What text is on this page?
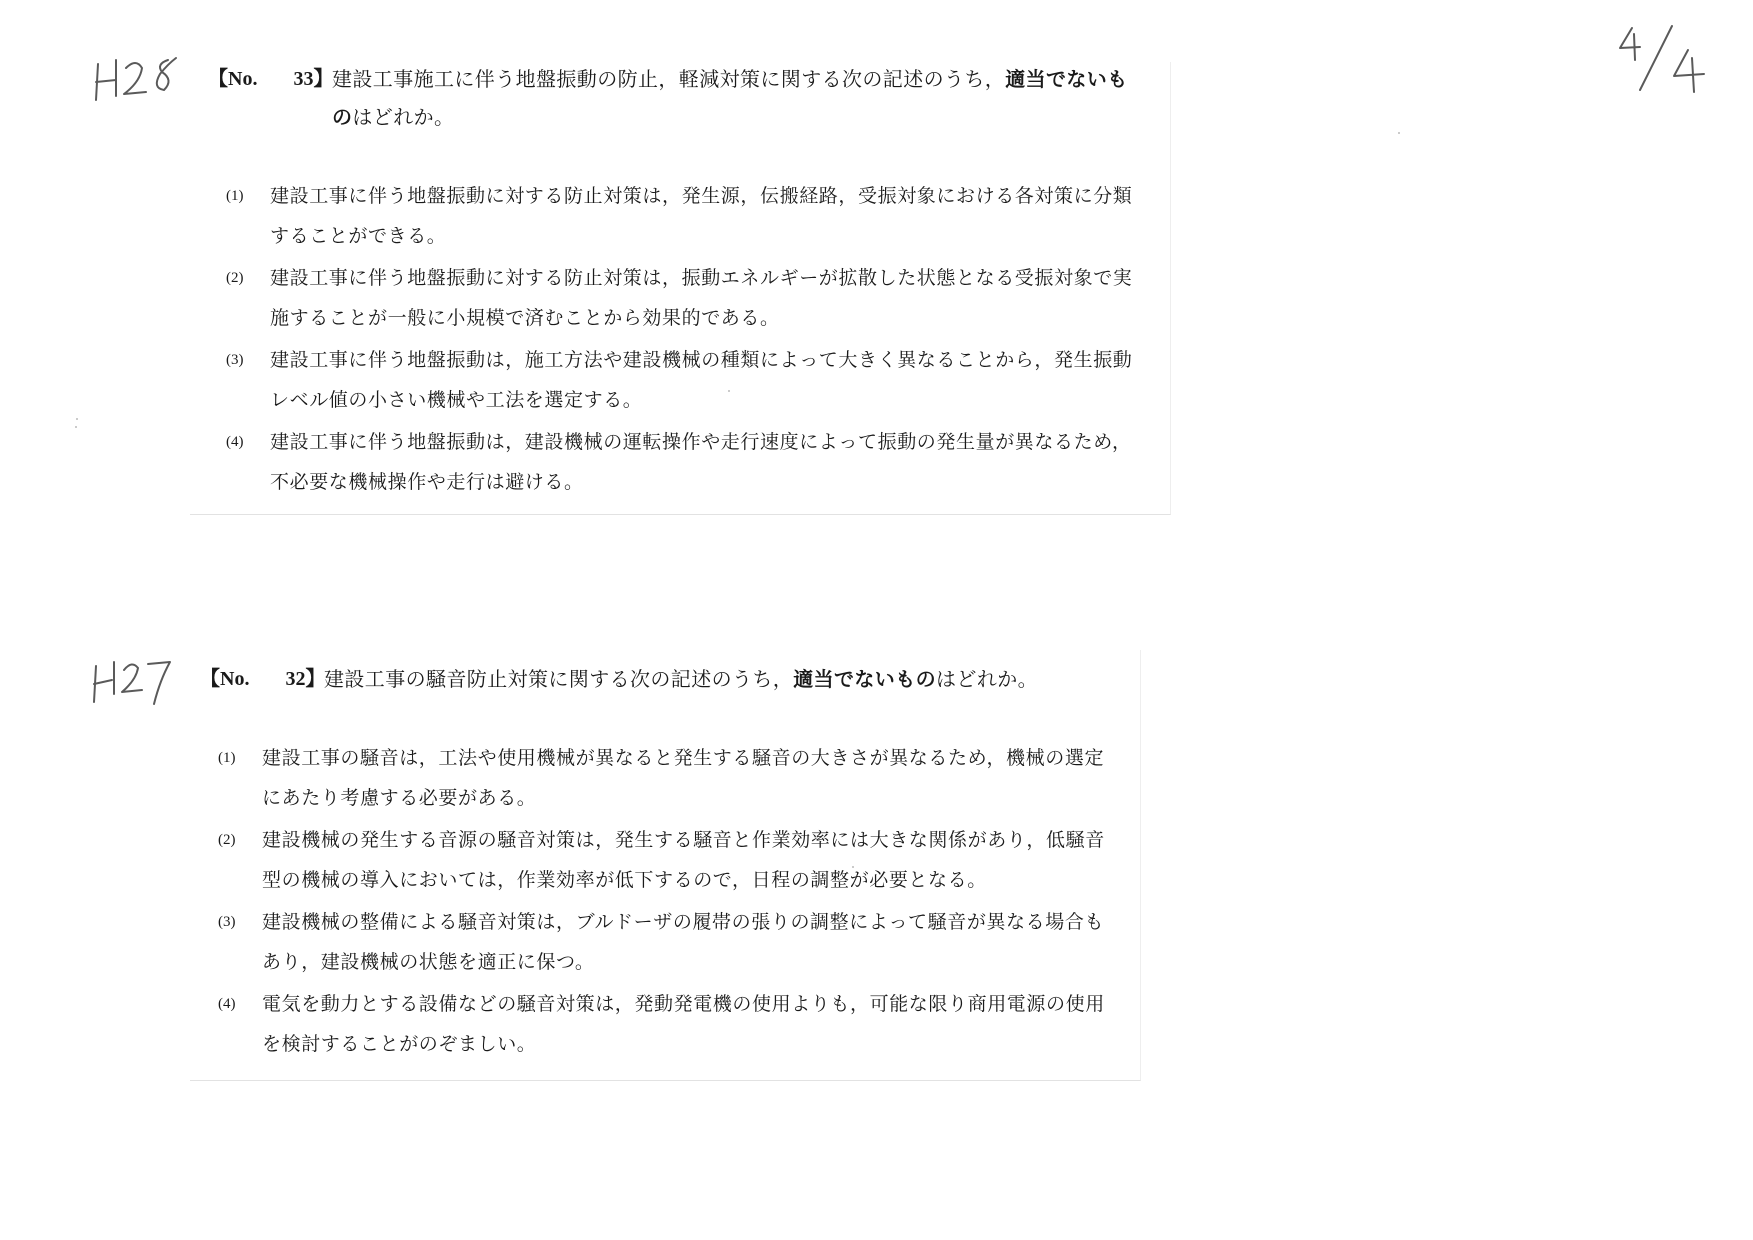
【No. 33】
建設工事施工に伴う地盤振動の防止，軽減対策に関する次の記述のうち，適当でないものはどれか。
(1)	建設工事に伴う地盤振動に対する防止対策は，発生源，伝搬経路，受振対象における各対策に分類することができる。
(2)	建設工事に伴う地盤振動に対する防止対策は，振動エネルギーが拡散した状態となる受振対象で実施することが一般に小規模で済むことから効果的である。
(3)	建設工事に伴う地盤振動は，施工方法や建設機械の種類によって大きく異なることから，発生振動レベル値の小さい機械や工法を選定する。
(4)	建設工事に伴う地盤振動は，建設機械の運転操作や走行速度によって振動の発生量が異なるため，不必要な機械操作や走行は避ける。
【No. 32】
建設工事の騒音防止対策に関する次の記述のうち，適当でないものはどれか。
(1)	建設工事の騒音は，工法や使用機械が異なると発生する騒音の大きさが異なるため，機械の選定にあたり考慮する必要がある。
(2)	建設機械の発生する音源の騒音対策は，発生する騒音と作業効率には大きな関係があり，低騒音型の機械の導入においては，作業効率が低下するので，日程の調整が必要となる。
(3)	建設機械の整備による騒音対策は，ブルドーザの履帯の張りの調整によって騒音が異なる場合もあり，建設機械の状態を適正に保つ。
(4)	電気を動力とする設備などの騒音対策は，発動発電機の使用よりも，可能な限り商用電源の使用を検討することがのぞましい。
